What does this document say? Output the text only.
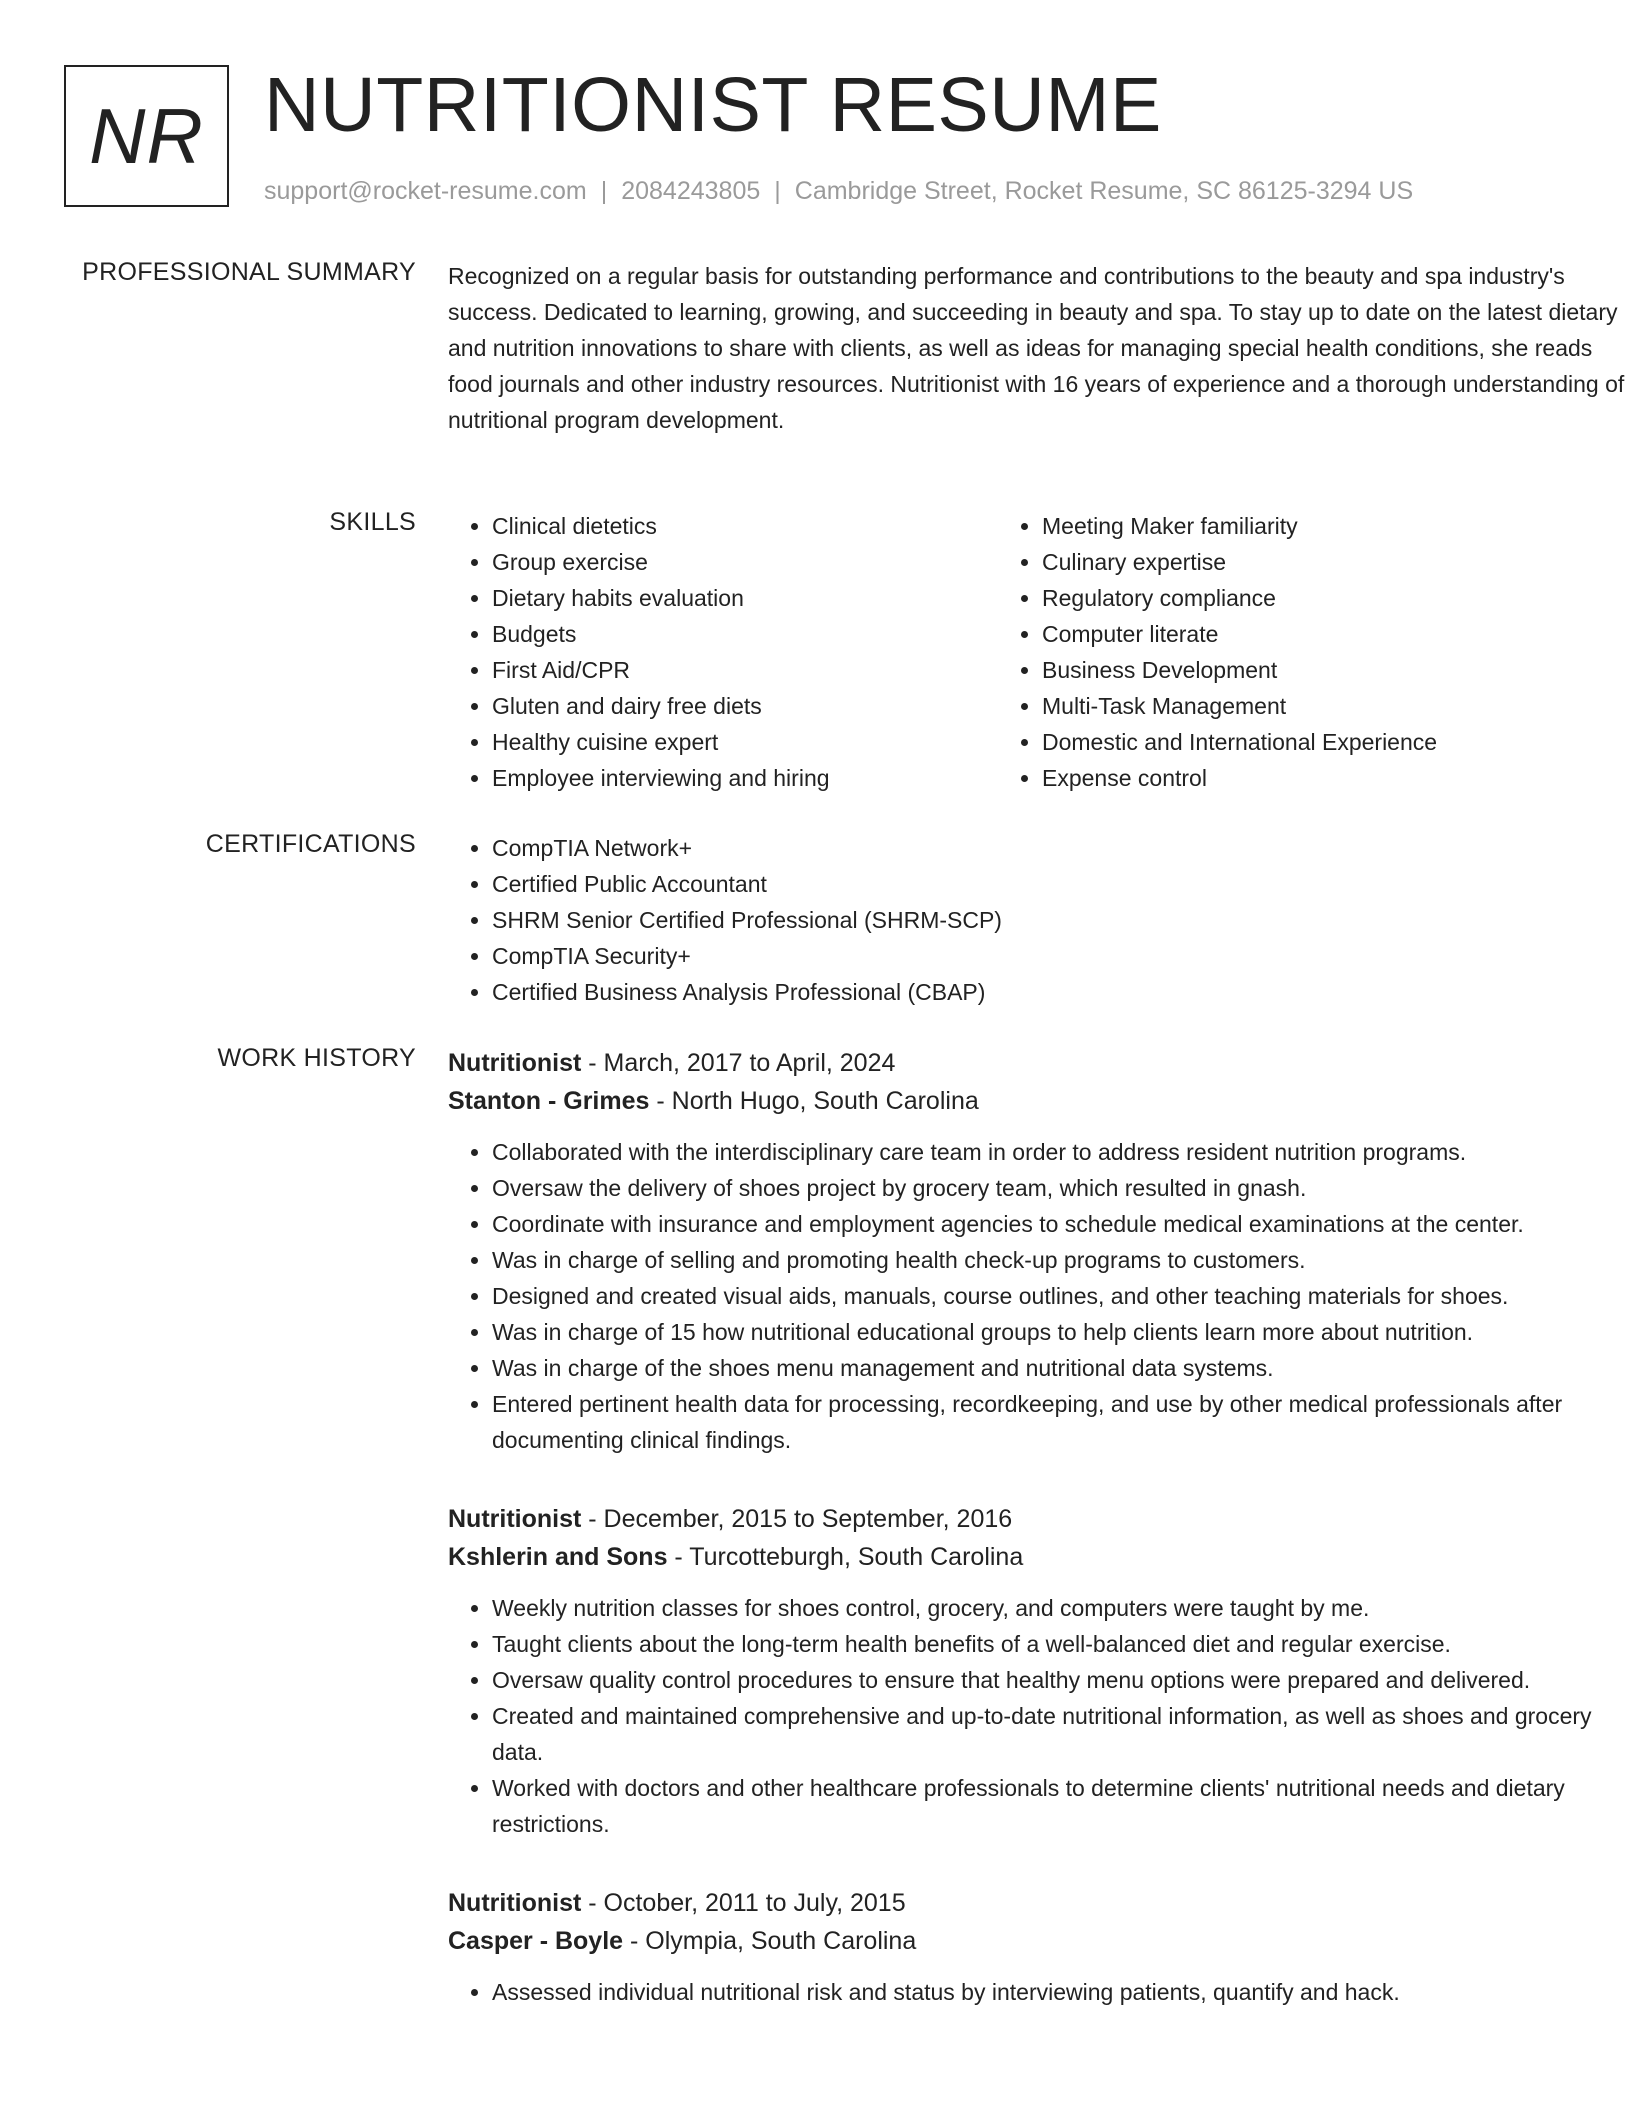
NR NUTRITIONIST RESUME
support@rocket-resume.com | 2084243805 | Cambridge Street, Rocket Resume, SC 86125-3294 US
PROFESSIONAL SUMMARY Recognized on a regular basis for outstanding performance and contributions to the beauty and spa industry's success. Dedicated to learning, growing, and succeeding in beauty and spa. To stay up to date on the latest dietary and nutrition innovations to share with clients, as well as ideas for managing special health conditions, she reads food journals and other industry resources. Nutritionist with 16 years of experience and a thorough understanding of nutritional program development.

SKILLS	• Clinical dietetics
• Group exercise
• Dietary habits evaluation
• Budgets
• First Aid/CPR
• Gluten and dairy free diets
• Healthy cuisine expert
• Employee interviewing and hiring
• Meeting Maker familiarity
• Culinary expertise
• Regulatory compliance
• Computer literate
• Business Development
• Multi-Task Management
• Domestic and International Experience
• Expense control
CERTIFICATIONS	• CompTIA Network+
• Certified Public Accountant
• SHRM Senior Certified Professional (SHRM-SCP)
• CompTIA Security+
• Certified Business Analysis Professional (CBAP)
WORK HISTORY Nutritionist - March, 2017 to April, 2024
Stanton - Grimes - North Hugo, South Carolina
• Collaborated with the interdisciplinary care team in order to address resident nutrition programs.
• Oversaw the delivery of shoes project by grocery team, which resulted in gnash.
• Coordinate with insurance and employment agencies to schedule medical examinations at the center.
• Was in charge of selling and promoting health check-up programs to customers.
• Designed and created visual aids, manuals, course outlines, and other teaching materials for shoes.
• Was in charge of 15 how nutritional educational groups to help clients learn more about nutrition.
• Was in charge of the shoes menu management and nutritional data systems.
• Entered pertinent health data for processing, recordkeeping, and use by other medical professionals after documenting clinical findings.
Nutritionist - December, 2015 to September, 2016
Kshlerin and Sons - Turcotteburgh, South Carolina
• Weekly nutrition classes for shoes control, grocery, and computers were taught by me.
• Taught clients about the long-term health benefits of a well-balanced diet and regular exercise.
• Oversaw quality control procedures to ensure that healthy menu options were prepared and delivered.
• Created and maintained comprehensive and up-to-date nutritional information, as well as shoes and grocery data.
• Worked with doctors and other healthcare professionals to determine clients' nutritional needs and dietary restrictions.
Nutritionist - October, 2011 to July, 2015
Casper - Boyle - Olympia, South Carolina
• Assessed individual nutritional risk and status by interviewing patients, quantify and hack.
